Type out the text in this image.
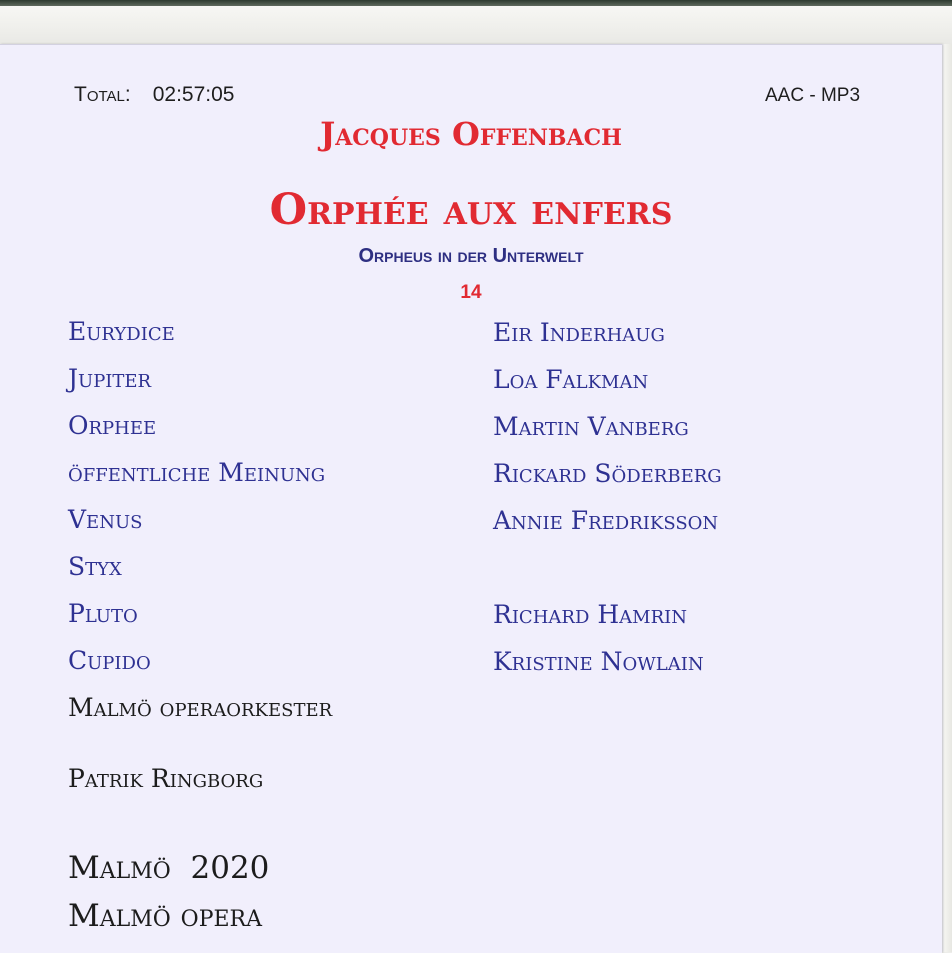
Total: 02:57:05	AAC - MP3
Jacques Offenbach
Orphée aux enfers
Orpheus in der Unterwelt
14
Eurydice	Eir Inderhaug
Jupiter	Loa Falkman
Orphee	Martin Vanberg
öffentliche Meinung	Rickard Söderberg
Venus	Annie Fredriksson
Styx
Pluto	Richard Hamrin
Cupido	Kristine Nowlain
Malmö operaorkester
Patrik Ringborg
Malmö  2020
Malmö opera
